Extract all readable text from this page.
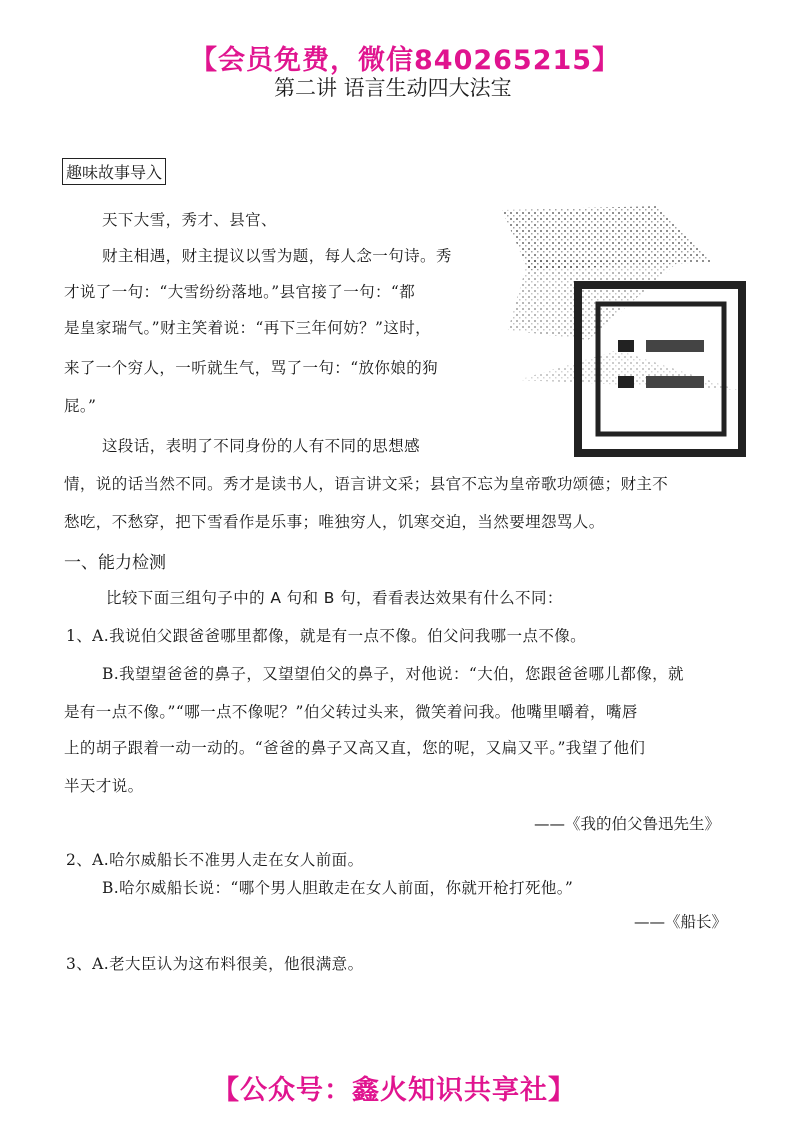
【会员免费，微信840265215】
第二讲 语言生动四大法宝
趣味故事导入
天下大雪，秀才、县官、
财主相遇，财主提议以雪为题，每人念一句诗。秀
才说了一句：“大雪纷纷落地。”县官接了一句：“都
是皇家瑞气。”财主笑着说：“再下三年何妨？”这时，
来了一个穷人，一听就生气，骂了一句：“放你娘的狗
屁。”
这段话，表明了不同身份的人有不同的思想感
情，说的话当然不同。秀才是读书人，语言讲文采；县官不忘为皇帝歌功颂德；财主不
愁吃，不愁穿，把下雪看作是乐事；唯独穷人，饥寒交迫，当然要埋怨骂人。
一、能力检测
比较下面三组句子中的 A 句和 B 句，看看表达效果有什么不同：
1、A.我说伯父跟爸爸哪里都像，就是有一点不像。伯父问我哪一点不像。
B.我望望爸爸的鼻子，又望望伯父的鼻子，对他说：“大伯，您跟爸爸哪儿都像，就
是有一点不像。”“哪一点不像呢？”伯父转过头来，微笑着问我。他嘴里嚼着，嘴唇
上的胡子跟着一动一动的。“爸爸的鼻子又高又直，您的呢，又扁又平。”我望了他们
半天才说。
——《我的伯父鲁迅先生》
2、A.哈尔威船长不准男人走在女人前面。
B.哈尔威船长说：“哪个男人胆敢走在女人前面，你就开枪打死他。”
——《船长》
3、A.老大臣认为这布料很美，他很满意。
【公众号：鑫火知识共享社】
